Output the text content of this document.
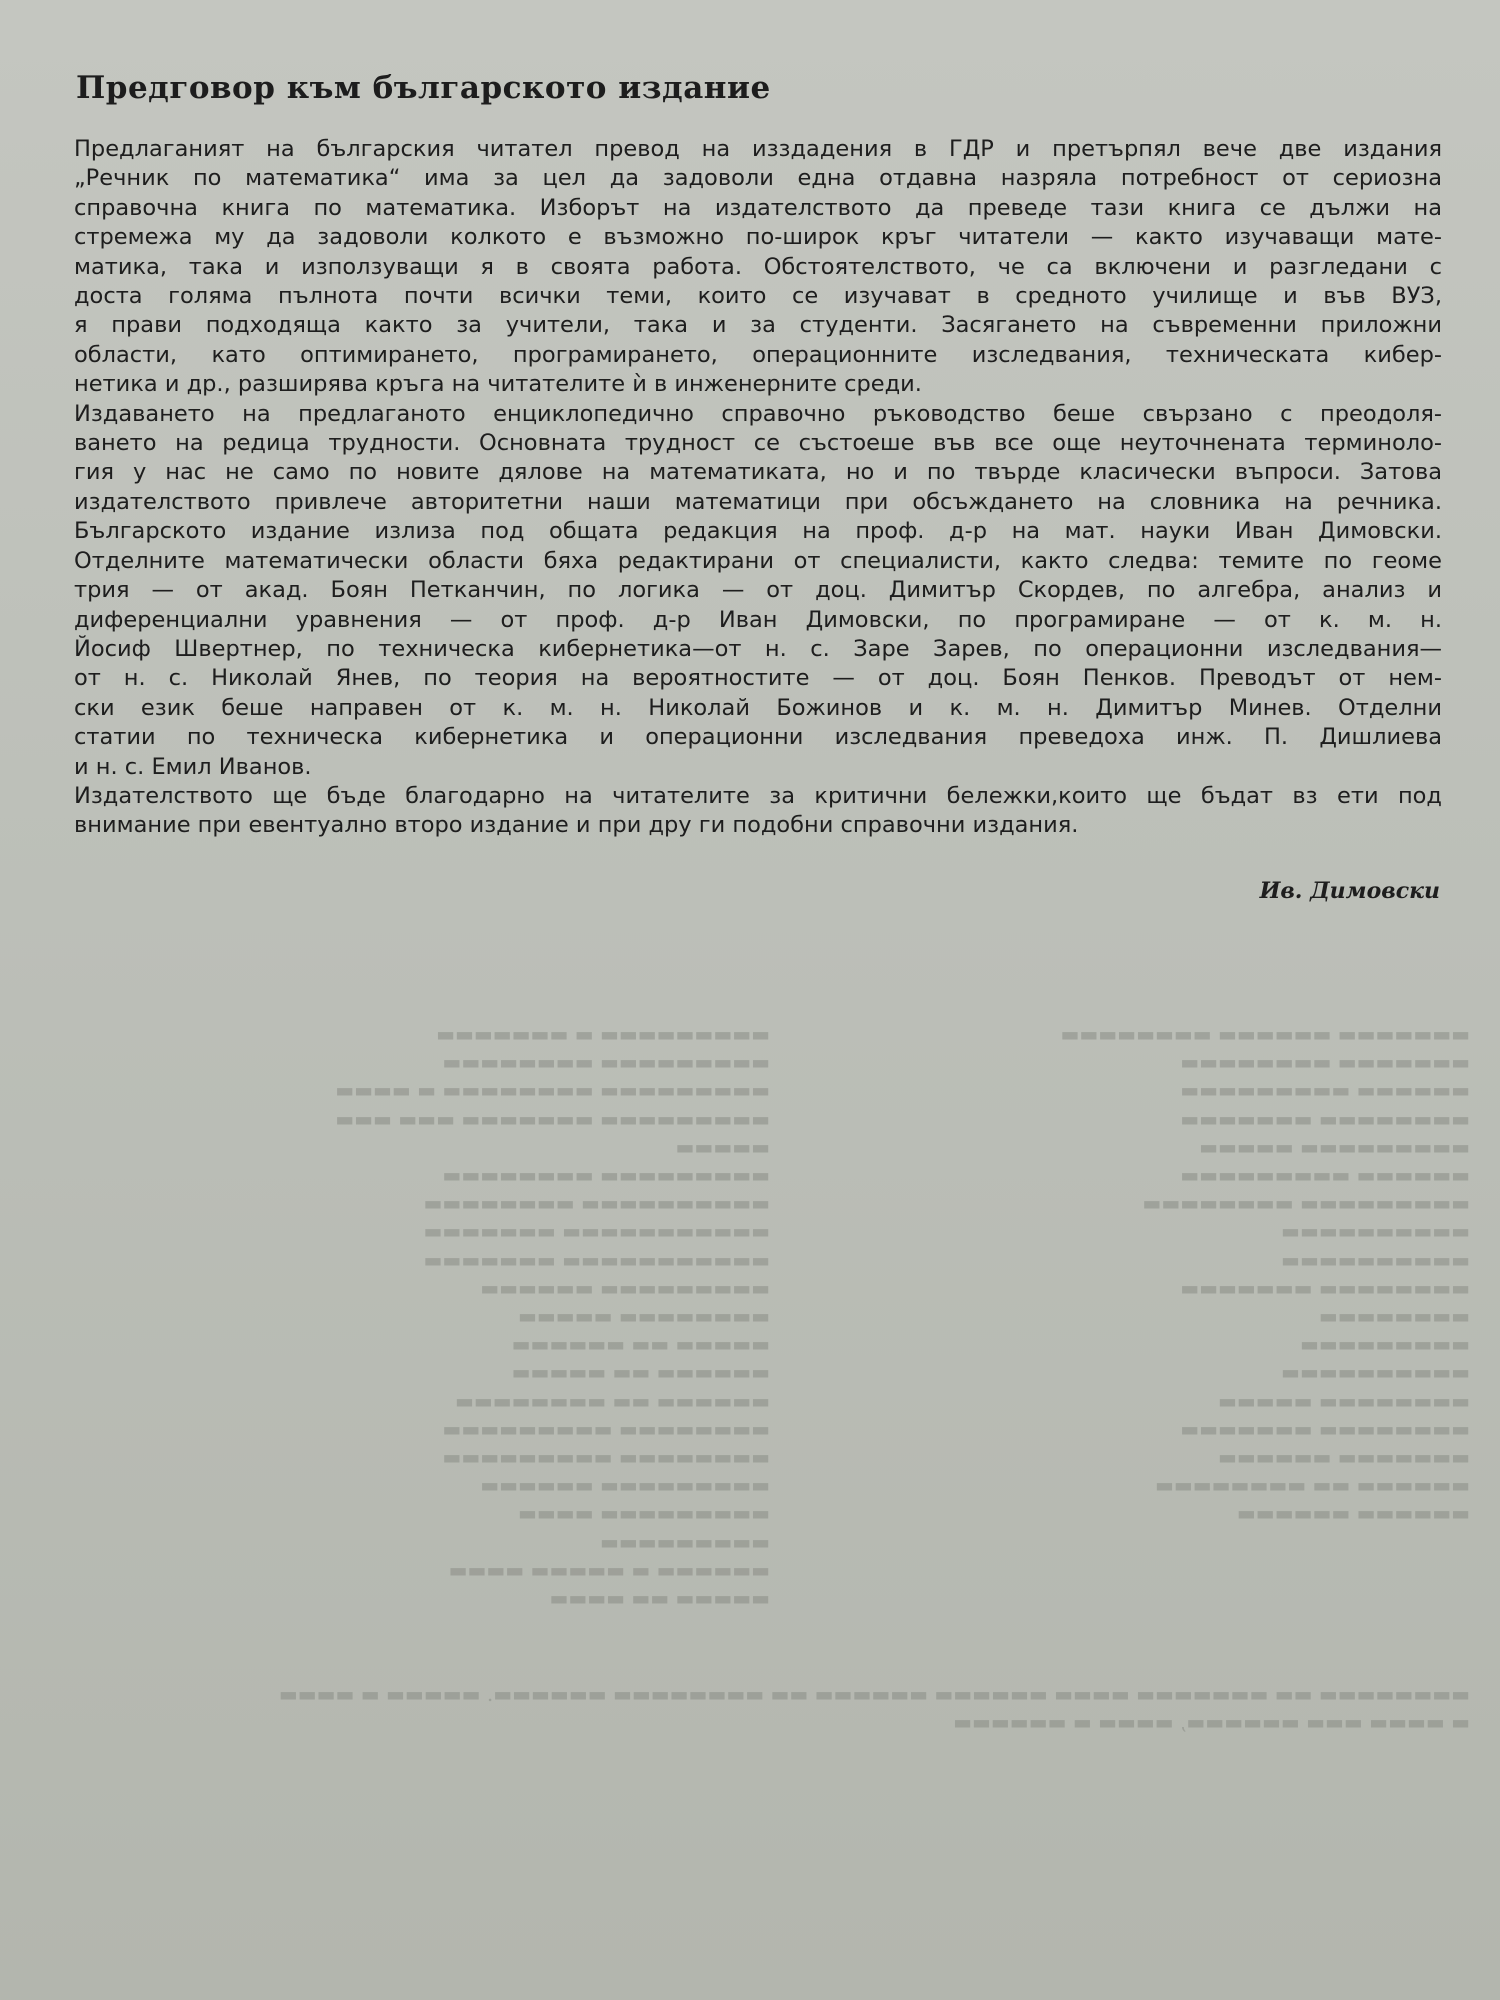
▬▬▬▬▬▬▬ ▬▬▬▬▬▬ ▬▬▬▬▬▬▬▬
▬▬▬▬▬▬▬ ▬▬▬▬▬▬▬▬
▬▬▬▬▬▬ ▬▬▬▬▬▬▬▬▬
▬▬▬▬▬▬▬▬ ▬▬▬▬▬▬▬
▬▬▬▬▬▬▬▬▬ ▬▬▬▬▬
▬▬▬▬▬▬ ▬▬▬▬▬▬▬▬▬
▬▬▬▬▬▬▬▬▬ ▬▬▬▬▬▬▬▬
▬▬▬▬▬▬▬▬▬▬
▬▬▬▬▬▬▬▬▬▬
▬▬▬▬▬▬▬▬ ▬▬▬▬▬▬▬
▬▬▬▬▬▬▬▬
▬▬▬▬▬▬▬▬▬
▬▬▬▬▬▬▬▬▬▬
▬▬▬▬▬▬▬▬ ▬▬▬▬▬
▬▬▬▬▬▬▬▬ ▬▬▬▬▬▬▬
▬▬▬▬▬▬▬ ▬▬▬▬▬▬
▬▬▬▬▬▬ ▬▬ ▬▬▬▬▬▬▬▬
▬▬▬▬▬▬ ▬▬▬▬▬▬
▬▬▬▬▬▬▬▬▬ ▬ ▬▬▬▬▬▬▬
▬▬▬▬▬▬▬▬▬ ▬▬▬▬▬▬▬▬
▬▬▬▬▬▬▬▬▬ ▬▬▬▬▬▬▬▬ ▬ ▬▬▬▬
▬▬▬▬▬▬▬▬▬ ▬▬▬▬▬▬▬ ▬▬▬ ▬▬▬
▬▬▬▬▬
▬▬▬▬▬▬▬▬▬ ▬▬▬▬▬▬▬▬
▬▬▬▬▬▬▬▬▬▬ ▬▬▬▬▬▬▬▬
▬▬▬▬▬▬▬▬▬▬▬ ▬▬▬▬▬▬▬
▬▬▬▬▬▬▬▬▬▬▬ ▬▬▬▬▬▬▬
▬▬▬▬▬▬▬▬▬ ▬▬▬▬▬▬
▬▬▬▬▬▬▬▬ ▬▬▬▬▬
▬▬▬▬▬ ▬▬ ▬▬▬▬▬▬
▬▬▬▬▬▬ ▬▬ ▬▬▬▬▬
▬▬▬▬▬▬ ▬▬ ▬▬▬▬▬▬▬▬
▬▬▬▬▬▬▬▬ ▬▬▬▬▬▬▬▬▬
▬▬▬▬▬▬▬▬ ▬▬▬▬▬▬▬▬▬
▬▬▬▬▬▬▬▬▬ ▬▬▬▬▬▬
▬▬▬▬▬▬▬▬▬ ▬▬▬▬
▬▬▬▬▬▬▬▬▬
▬▬▬▬▬▬ ▬ ▬▬▬▬▬ ▬▬▬▬
▬▬▬▬▬ ▬▬ ▬▬▬▬
▬▬▬▬▬▬▬▬ ▬▬ ▬▬▬▬▬▬▬ ▬▬▬▬ ▬▬▬▬▬▬ ▬▬▬▬▬▬ ▬▬ ▬▬▬▬▬▬▬▬ ▬▬▬▬▬▬. ▬▬▬▬▬ ▬ ▬▬▬▬
▬ ▬▬▬▬ ▬▬▬ ▬▬▬▬▬▬, ▬▬▬▬ ▬ ▬▬▬▬▬▬
Предговор към българското издание
Предлаганият на българския читател превод на изздадения в ГДР и претърпял вече две издания
„Речник по математика“ има за цел да задоволи една отдавна назряла потребност от сериозна
справочна книга по математика. Изборът на издателството да преведе тази книга се дължи на
стремежа му да задоволи колкото е възможно по-широк кръг читатели — както изучаващи мате-
матика, така и използуващи я в своята работа. Обстоятелството, че са включени и разгледани с
доста голяма пълнота почти всички теми, които се изучават в средното училище и във ВУЗ,
я прави подходяща както за учители, така и за студенти. Засягането на съвременни приложни
области, като оптимирането, програмирането, операционните изследвания, техническата кибер-
нетика и др., разширява кръга на читателите ѝ в инженерните среди.
Издаването на предлаганото енциклопедично справочно ръководство беше свързано с преодоля-
ването на редица трудности. Основната трудност се състоеше във все още неуточнената терминоло-
гия у нас не само по новите дялове на математиката, но и по твърде класически въпроси. Затова
издателството привлече авторитетни наши математици при обсъждането на словника на речника.
Българското издание излиза под общата редакция на проф. д-р на мат. науки Иван Димовски.
Отделните математически области бяха редактирани от специалисти, както следва: темите по геоме
трия — от акад. Боян Петканчин, по логика — от доц. Димитър Скордев, по алгебра, анализ и
диференциални уравнения — от проф. д-р Иван Димовски, по програмиране — от к. м. н.
Йосиф Швертнер, по техническа кибернетика—от н. с. Заре Зарев, по операционни изследвания—
от н. с. Николай Янев, по теория на вероятностите — от доц. Боян Пенков. Преводът от нем-
ски език беше направен от к. м. н. Николай Божинов и к. м. н. Димитър Минев. Отделни
статии по техническа кибернетика и операционни изследвания преведоха инж. П. Дишлиева
и н. с. Емил Иванов.
Издателството ще бъде благодарно на читателите за критични бележки,които ще бъдат вз ети под
внимание при евентуално второ издание и при дру ги подобни справочни издания.
Ив. Димовски
